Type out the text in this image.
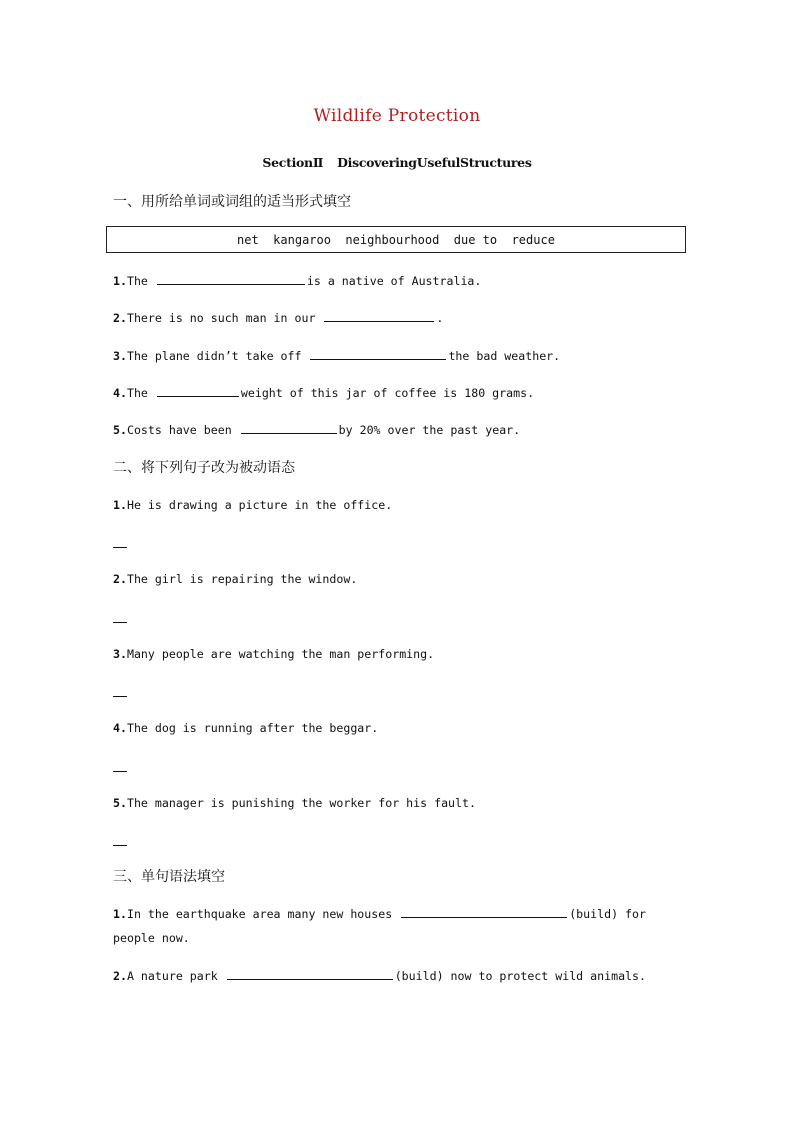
Wildlife Protection
SectionⅡ DiscoveringUsefulStructures
一、用所给单词或词组的适当形式填空
net  kangaroo  neighbourhood  due to  reduce
1.The	is a native of Australia.
2.There is no such man in our	.
3.The plane didn’t take off	the bad weather.
4.The	weight of this jar of coffee is 180 grams.
5.Costs have been	by 20% over the past year.
二、将下列句子改为被动语态
1.He is drawing a picture in the office.
2.The girl is repairing the window.
3.Many people are watching the man performing.
4.The dog is running after the beggar.
5.The manager is punishing the worker for his fault.
三、单句语法填空
1.In the earthquake area many new houses	(build) for people now.
2.A nature park	(build) now to protect wild animals.
